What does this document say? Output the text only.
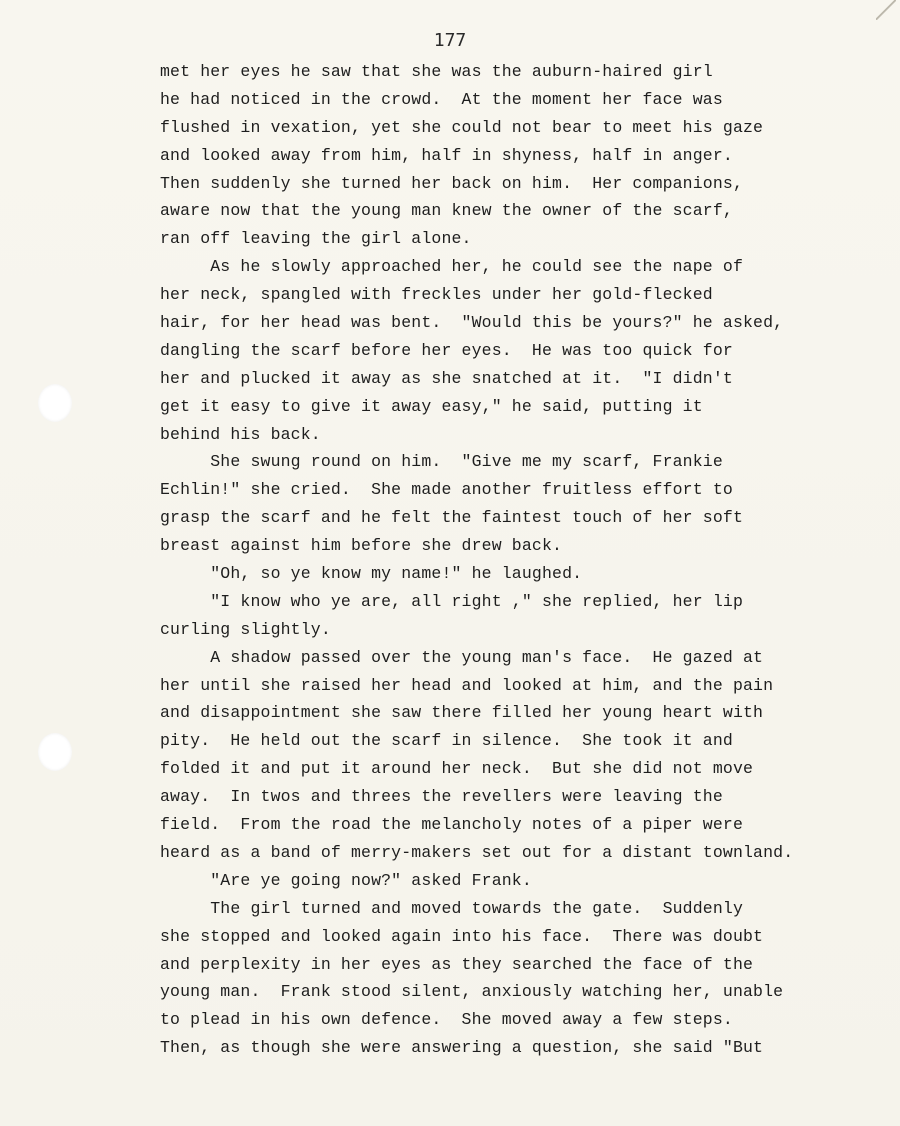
177
met her eyes he saw that she was the auburn-haired girl
he had noticed in the crowd.  At the moment her face was
flushed in vexation, yet she could not bear to meet his gaze
and looked away from him, half in shyness, half in anger.
Then suddenly she turned her back on him.  Her companions,
aware now that the young man knew the owner of the scarf,
ran off leaving the girl alone.
As he slowly approached her, he could see the nape of
her neck, spangled with freckles under her gold-flecked
hair, for her head was bent.  "Would this be yours?" he asked,
dangling the scarf before her eyes.  He was too quick for
her and plucked it away as she snatched at it.  "I didn't
get it easy to give it away easy," he said, putting it
behind his back.
She swung round on him.  "Give me my scarf, Frankie
Echlin!" she cried.  She made another fruitless effort to
grasp the scarf and he felt the faintest touch of her soft
breast against him before she drew back.
"Oh, so ye know my name!" he laughed.
"I know who ye are, all right ," she replied, her lip
curling slightly.
A shadow passed over the young man's face.  He gazed at
her until she raised her head and looked at him, and the pain
and disappointment she saw there filled her young heart with
pity.  He held out the scarf in silence.  She took it and
folded it and put it around her neck.  But she did not move
away.  In twos and threes the revellers were leaving the
field.  From the road the melancholy notes of a piper were
heard as a band of merry-makers set out for a distant townland.
"Are ye going now?" asked Frank.
The girl turned and moved towards the gate.  Suddenly
she stopped and looked again into his face.  There was doubt
and perplexity in her eyes as they searched the face of the
young man.  Frank stood silent, anxiously watching her, unable
to plead in his own defence.  She moved away a few steps.
Then, as though she were answering a question, she said "But
